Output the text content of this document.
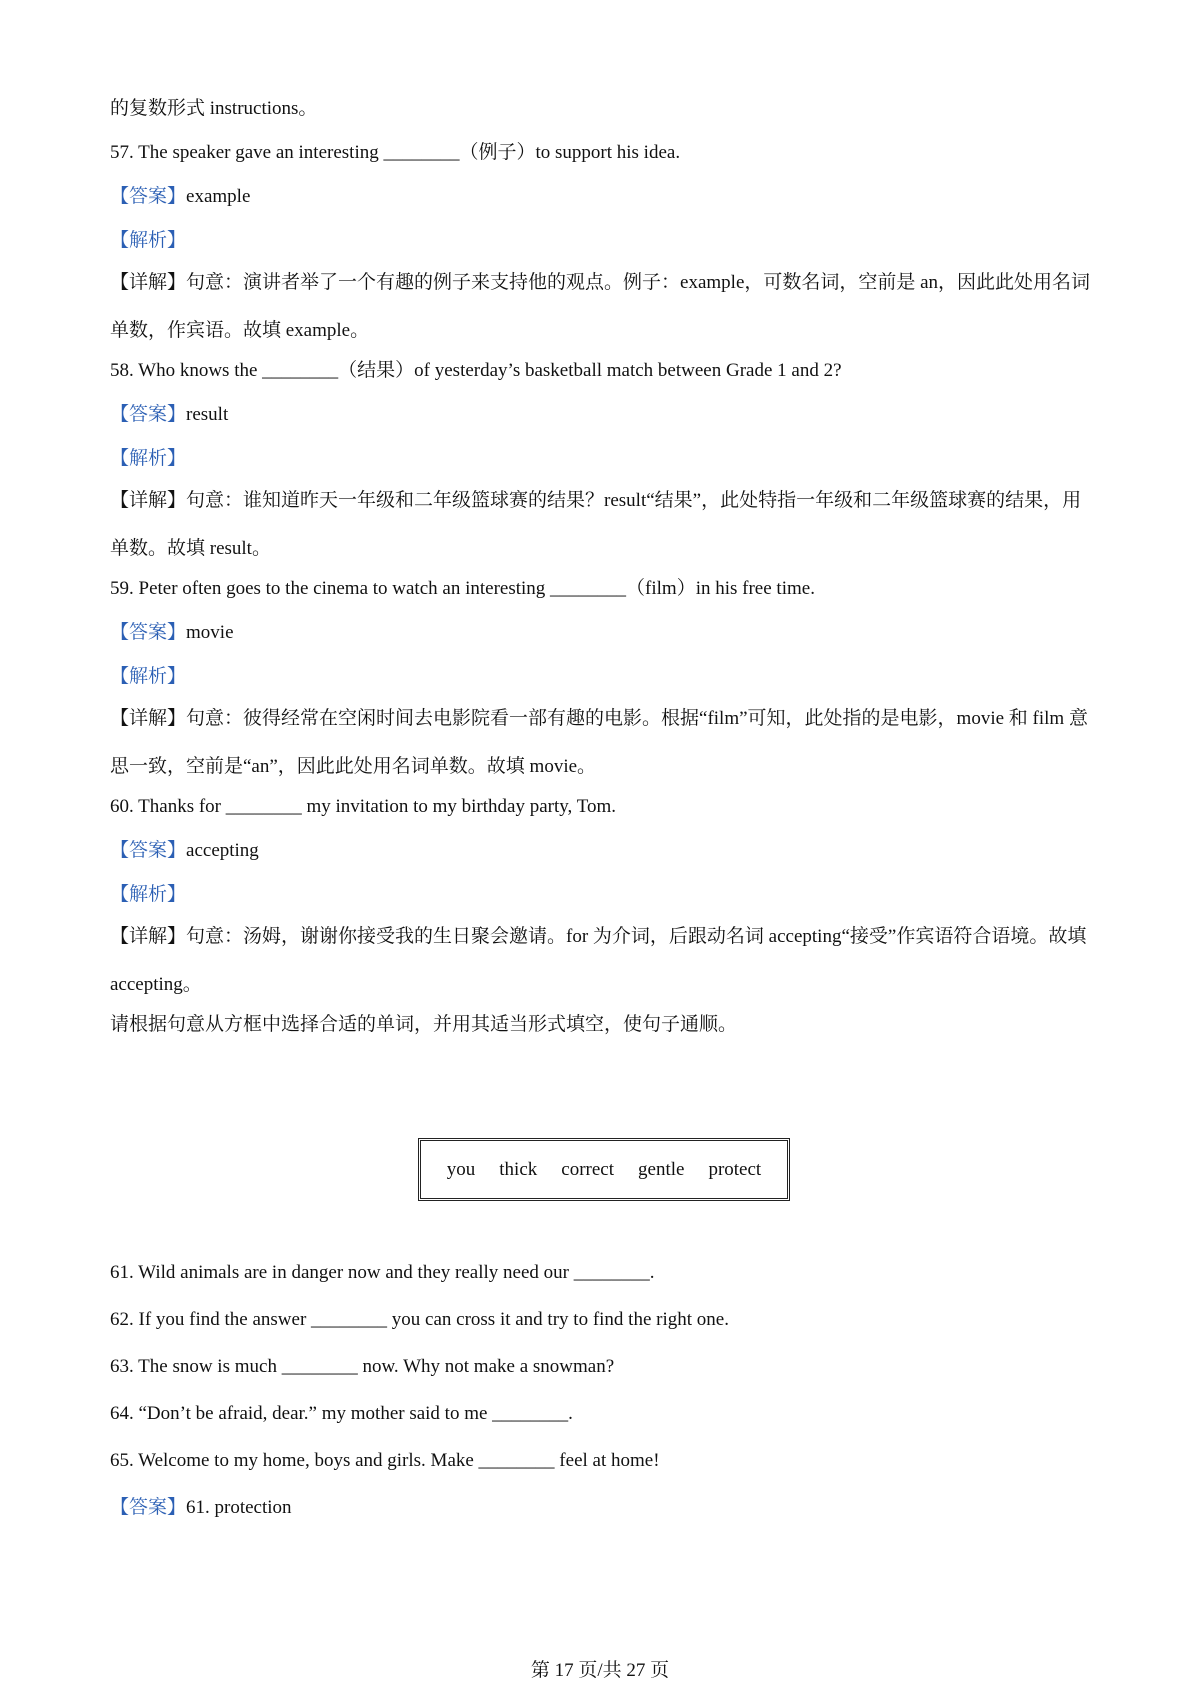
的复数形式 instructions。
57. The speaker gave an interesting ________（例子）to support his idea.
【答案】example
【解析】
【详解】句意：演讲者举了一个有趣的例子来支持他的观点。例子：example，可数名词，空前是 an，因此此处用名词单数，作宾语。故填 example。
58. Who knows the ________（结果）of yesterday’s basketball match between Grade 1 and 2?
【答案】result
【解析】
【详解】句意：谁知道昨天一年级和二年级篮球赛的结果？result“结果”，此处特指一年级和二年级篮球赛的结果，用单数。故填 result。
59. Peter often goes to the cinema to watch an interesting ________（film）in his free time.
【答案】movie
【解析】
【详解】句意：彼得经常在空闲时间去电影院看一部有趣的电影。根据“film”可知，此处指的是电影，movie 和 film 意思一致，空前是“an”，因此此处用名词单数。故填 movie。
60. Thanks for ________ my invitation to my birthday party, Tom.
【答案】accepting
【解析】
【详解】句意：汤姆，谢谢你接受我的生日聚会邀请。for 为介词，后跟动名词 accepting“接受”作宾语符合语境。故填 accepting。
请根据句意从方框中选择合适的单词，并用其适当形式填空，使句子通顺。
you thick correct gentle protect
61. Wild animals are in danger now and they really need our ________.
62. If you find the answer ________ you can cross it and try to find the right one.
63. The snow is much ________ now. Why not make a snowman?
64. “Don’t be afraid, dear.” my mother said to me ________.
65. Welcome to my home, boys and girls. Make ________ feel at home!
【答案】61. protection
第 17 页/共 27 页
